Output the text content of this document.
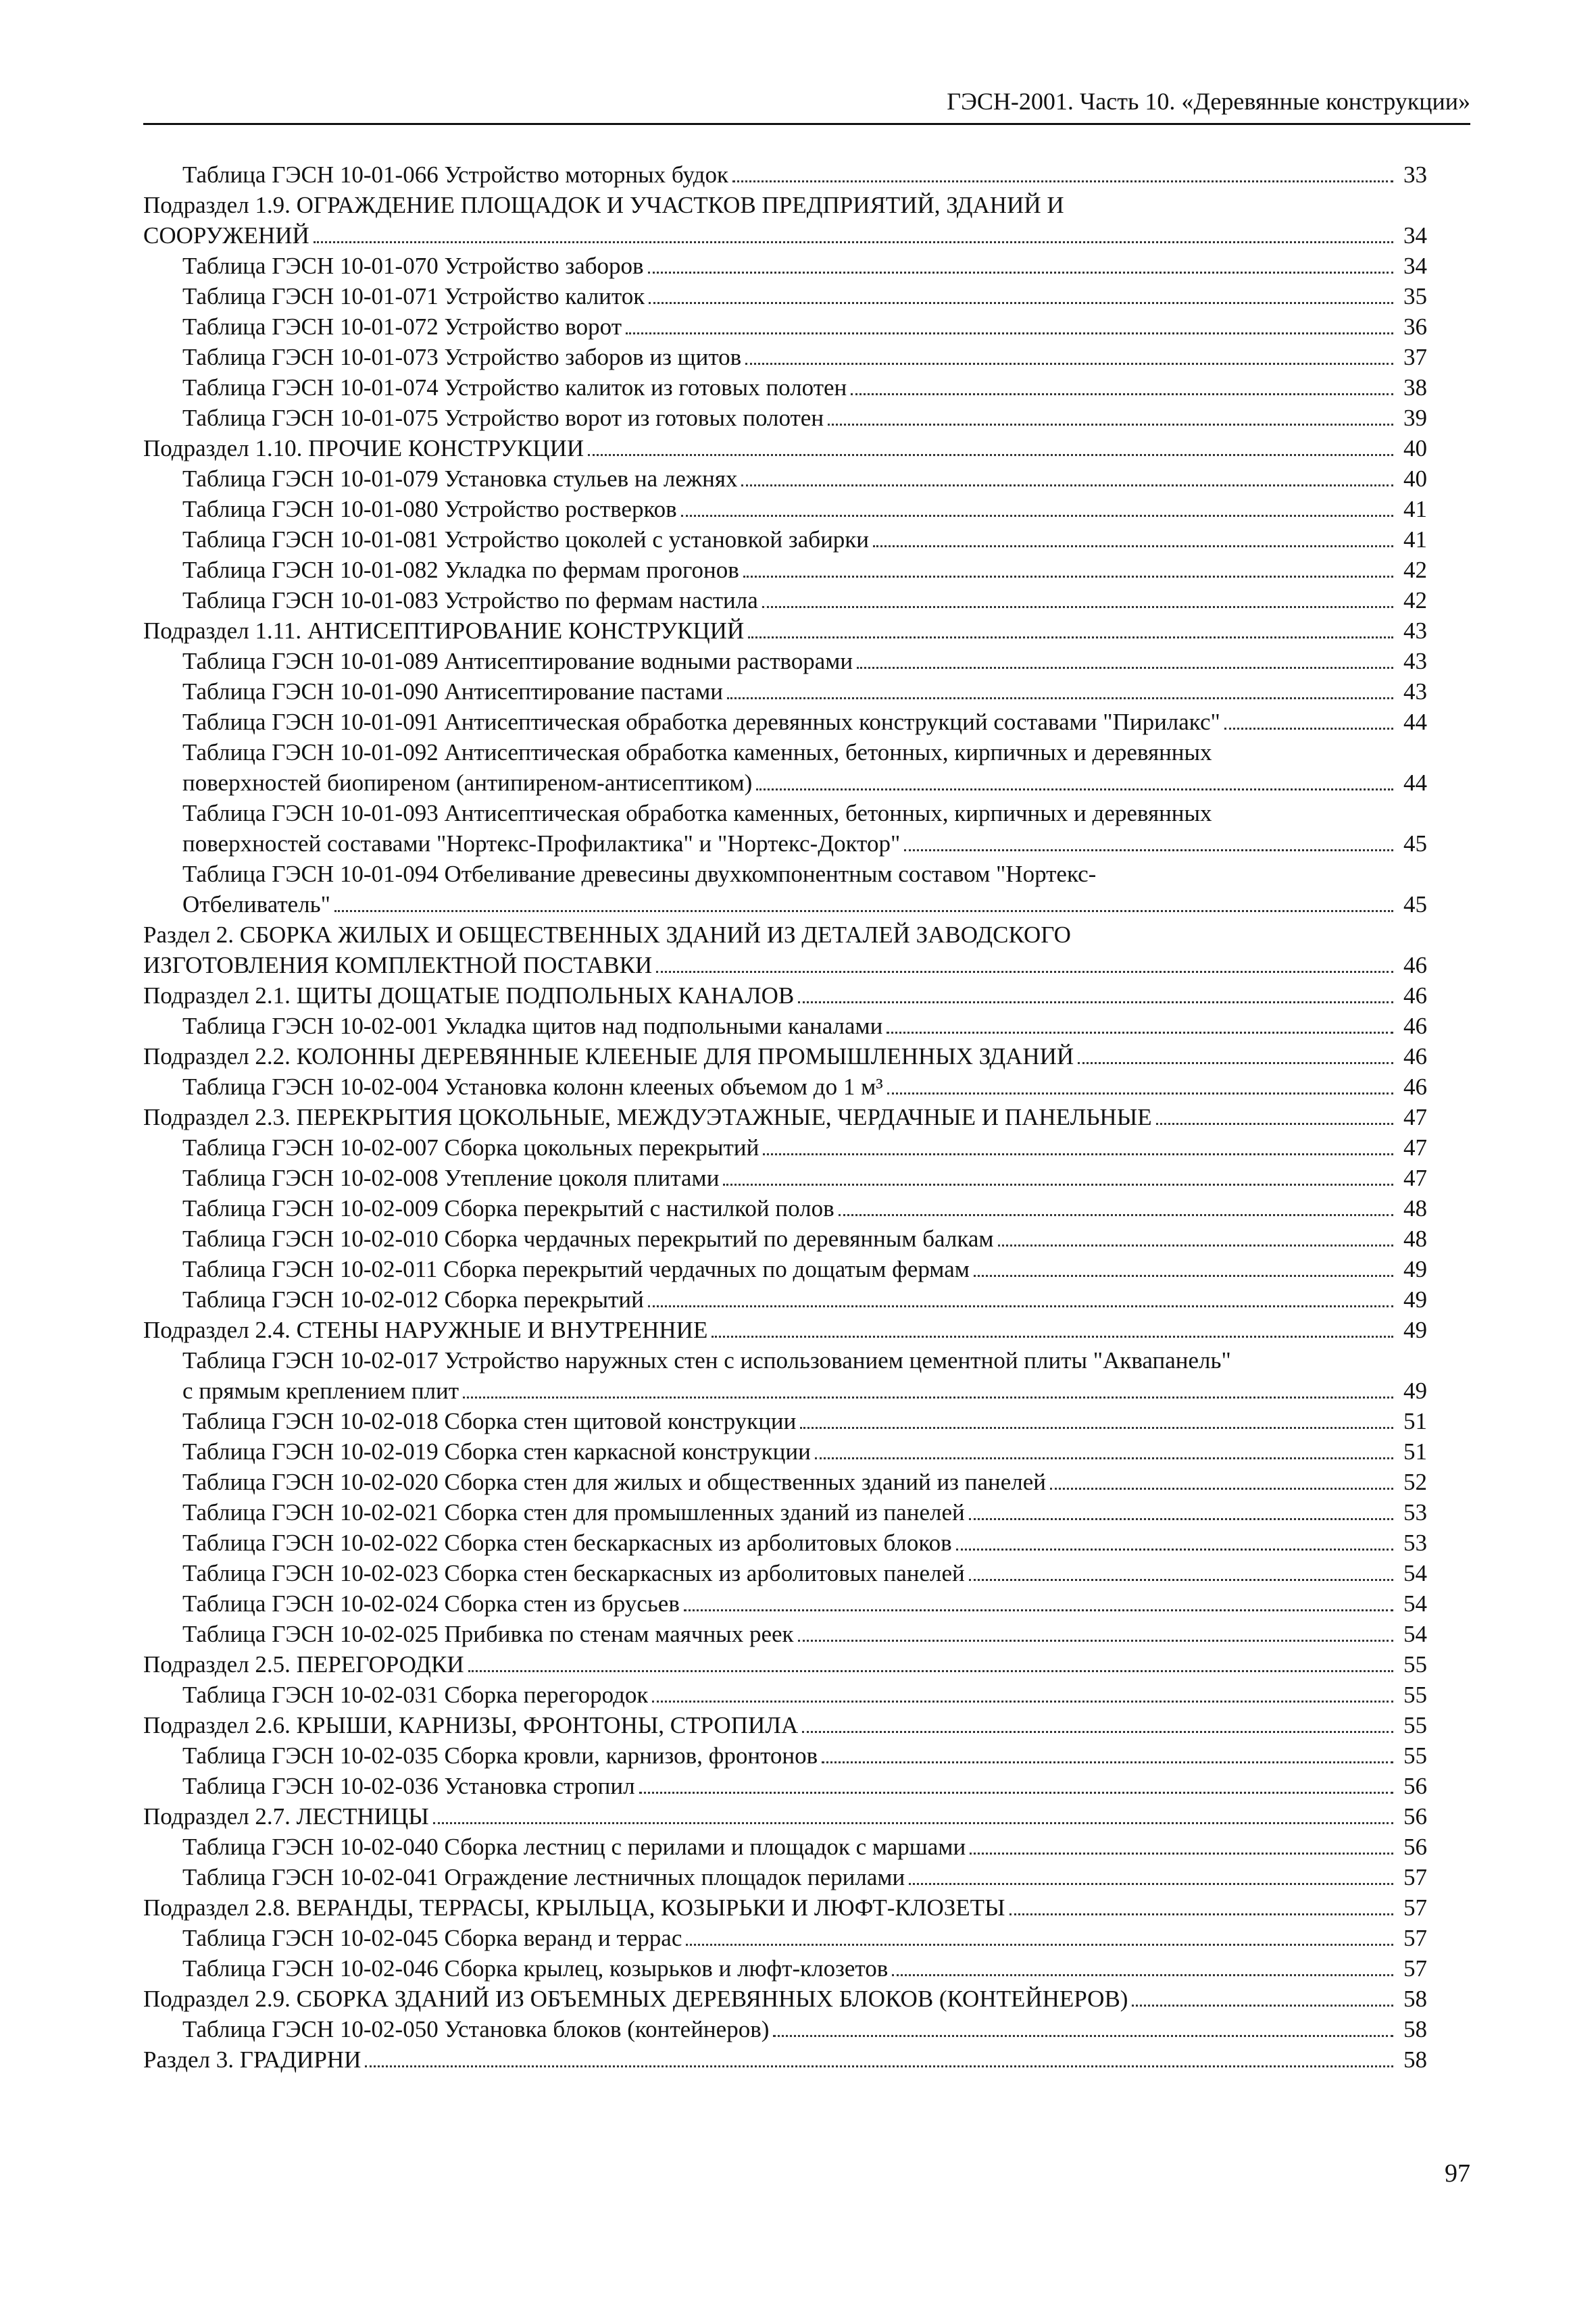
ГЭСН-2001. Часть 10. «Деревянные конструкции»
Таблица ГЭСН 10-01-066 Устройство моторных будок	33
Подраздел 1.9. ОГРАЖДЕНИЕ ПЛОЩАДОК И УЧАСТКОВ ПРЕДПРИЯТИЙ, ЗДАНИЙ И
СООРУЖЕНИЙ	34
Таблица ГЭСН 10-01-070 Устройство заборов	34
Таблица ГЭСН 10-01-071 Устройство калиток	35
Таблица ГЭСН 10-01-072 Устройство ворот	36
Таблица ГЭСН 10-01-073 Устройство заборов из щитов	37
Таблица ГЭСН 10-01-074 Устройство калиток из готовых полотен	38
Таблица ГЭСН 10-01-075 Устройство ворот из готовых полотен	39
Подраздел 1.10. ПРОЧИЕ КОНСТРУКЦИИ	40
Таблица ГЭСН 10-01-079 Установка стульев на лежнях	40
Таблица ГЭСН 10-01-080 Устройство ростверков	41
Таблица ГЭСН 10-01-081 Устройство цоколей с установкой забирки	41
Таблица ГЭСН 10-01-082 Укладка по фермам прогонов	42
Таблица ГЭСН 10-01-083 Устройство по фермам настила	42
Подраздел 1.11. АНТИСЕПТИРОВАНИЕ КОНСТРУКЦИЙ	43
Таблица ГЭСН 10-01-089 Антисептирование водными растворами	43
Таблица ГЭСН 10-01-090 Антисептирование пастами	43
Таблица ГЭСН 10-01-091 Антисептическая обработка деревянных конструкций составами "Пирилакс"	44
Таблица ГЭСН 10-01-092 Антисептическая обработка каменных, бетонных, кирпичных и деревянных
поверхностей биопиреном (антипиреном-антисептиком)	44
Таблица ГЭСН 10-01-093 Антисептическая обработка каменных, бетонных, кирпичных и деревянных
поверхностей составами "Нортекс-Профилактика" и "Нортекс-Доктор"	45
Таблица ГЭСН 10-01-094 Отбеливание древесины двухкомпонентным составом "Нортекс-
Отбеливатель"	45
Раздел 2. СБОРКА ЖИЛЫХ И ОБЩЕСТВЕННЫХ ЗДАНИЙ ИЗ ДЕТАЛЕЙ ЗАВОДСКОГО
ИЗГОТОВЛЕНИЯ КОМПЛЕКТНОЙ ПОСТАВКИ	46
Подраздел 2.1. ЩИТЫ ДОЩАТЫЕ ПОДПОЛЬНЫХ КАНАЛОВ	46
Таблица ГЭСН 10-02-001 Укладка щитов над подпольными каналами	46
Подраздел 2.2. КОЛОННЫ ДЕРЕВЯННЫЕ КЛЕЕНЫЕ ДЛЯ ПРОМЫШЛЕННЫХ ЗДАНИЙ	46
Таблица ГЭСН 10-02-004 Установка колонн клееных объемом до 1 м³	46
Подраздел 2.3. ПЕРЕКРЫТИЯ ЦОКОЛЬНЫЕ, МЕЖДУЭТАЖНЫЕ, ЧЕРДАЧНЫЕ И ПАНЕЛЬНЫЕ	47
Таблица ГЭСН 10-02-007 Сборка цокольных перекрытий	47
Таблица ГЭСН 10-02-008 Утепление цоколя плитами	47
Таблица ГЭСН 10-02-009 Сборка перекрытий с настилкой полов	48
Таблица ГЭСН 10-02-010 Сборка чердачных перекрытий по деревянным балкам	48
Таблица ГЭСН 10-02-011 Сборка перекрытий чердачных по дощатым фермам	49
Таблица ГЭСН 10-02-012 Сборка перекрытий	49
Подраздел 2.4. СТЕНЫ НАРУЖНЫЕ И ВНУТРЕННИЕ	49
Таблица ГЭСН 10-02-017 Устройство наружных стен с использованием цементной плиты "Аквапанель"
с прямым креплением плит	49
Таблица ГЭСН 10-02-018 Сборка стен щитовой конструкции	51
Таблица ГЭСН 10-02-019 Сборка стен каркасной конструкции	51
Таблица ГЭСН 10-02-020 Сборка стен для жилых и общественных зданий из панелей	52
Таблица ГЭСН 10-02-021 Сборка стен для промышленных зданий из панелей	53
Таблица ГЭСН 10-02-022 Сборка стен бескаркасных из арболитовых блоков	53
Таблица ГЭСН 10-02-023 Сборка стен бескаркасных из арболитовых панелей	54
Таблица ГЭСН 10-02-024 Сборка стен из брусьев	54
Таблица ГЭСН 10-02-025 Прибивка по стенам маячных реек	54
Подраздел 2.5. ПЕРЕГОРОДКИ	55
Таблица ГЭСН 10-02-031 Сборка перегородок	55
Подраздел 2.6. КРЫШИ, КАРНИЗЫ, ФРОНТОНЫ, СТРОПИЛА	55
Таблица ГЭСН 10-02-035 Сборка кровли, карнизов, фронтонов	55
Таблица ГЭСН 10-02-036 Установка стропил	56
Подраздел 2.7. ЛЕСТНИЦЫ	56
Таблица ГЭСН 10-02-040 Сборка лестниц с перилами и площадок с маршами	56
Таблица ГЭСН 10-02-041 Ограждение лестничных площадок перилами	57
Подраздел 2.8. ВЕРАНДЫ, ТЕРРАСЫ, КРЫЛЬЦА, КОЗЫРЬКИ И ЛЮФТ-КЛОЗЕТЫ	57
Таблица ГЭСН 10-02-045 Сборка веранд и террас	57
Таблица ГЭСН 10-02-046 Сборка крылец, козырьков и люфт-клозетов	57
Подраздел 2.9. СБОРКА ЗДАНИЙ ИЗ ОБЪЕМНЫХ ДЕРЕВЯННЫХ БЛОКОВ (КОНТЕЙНЕРОВ)	58
Таблица ГЭСН 10-02-050 Установка блоков (контейнеров)	58
Раздел 3. ГРАДИРНИ	58
97
